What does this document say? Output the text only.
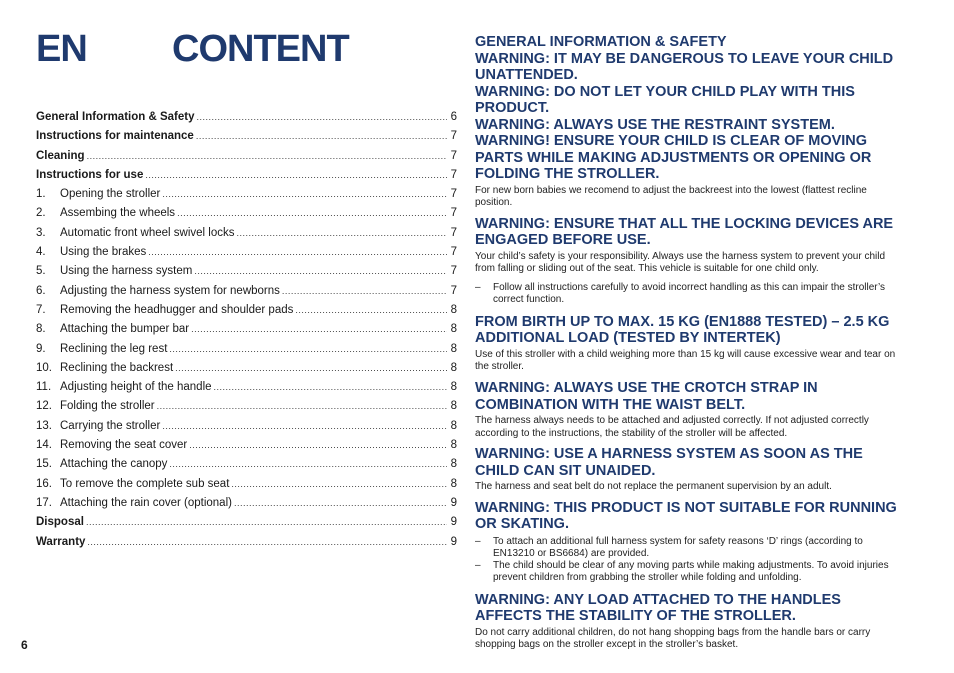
EN CONTENT
General Information & Safety .....	6
Instructions for maintenance .....	7
Cleaning .....	7
Instructions for use .....	7
1.	Opening the stroller .....	7
2.	Assembing the wheels .....	7
3.	Automatic front wheel swivel locks .....	7
4.	Using the brakes .....	7
5.	Using the harness system .....	7
6.	Adjusting the harness system for newborns .....	7
7.	Removing the headhugger and shoulder pads .....	8
8.	Attaching the bumper bar .....	8
9.	Reclining the leg rest .....	8
10. Reclining the backrest .....	8
11. Adjusting height of the handle .....	8
12. Folding the stroller .....	8
13. Carrying the stroller .....	8
14. Removing the seat cover .....	8
15. Attaching the canopy .....	8
16. To remove the complete sub seat .....	8
17. Attaching the rain cover (optional) .....	9
Disposal .....	9
Warranty .....	9
6
GENERAL INFORMATION & SAFETY
WARNING: IT MAY BE DANGEROUS TO LEAVE YOUR CHILD UNATTENDED.
WARNING: DO NOT LET YOUR CHILD PLAY WITH THIS PRODUCT.
WARNING: ALWAYS USE THE RESTRAINT SYSTEM.
WARNING! ENSURE YOUR CHILD IS CLEAR OF MOVING PARTS WHILE MAKING ADJUSTMENTS OR OPENING OR FOLDING THE STROLLER.
For new born babies we recomend to adjust the backreest into the lowest (flattest recline position.
WARNING: ENSURE THAT ALL THE LOCKING DEVICES ARE ENGAGED BEFORE USE.
Your child’s safety is your responsibility. Always use the harness system to prevent your child from falling or sliding out of the seat. This vehicle is suitable for one child only.
– Follow all instructions carefully to avoid incorrect handling as this can impair the stroller’s correct function.
FROM BIRTH UP TO MAX. 15 KG (EN1888 TESTED) – 2.5 KG ADDITIONAL LOAD (TESTED BY INTERTEK)
Use of this stroller with a child weighing more than 15 kg will cause excessive wear and tear on the stroller.
WARNING: ALWAYS USE THE CROTCH STRAP IN COMBINATION WITH THE WAIST BELT.
The harness always needs to be attached and adjusted correctly. If not adjusted correctly according to the instructions, the stability of the stroller will be affected.
WARNING: USE A HARNESS SYSTEM AS SOON AS THE CHILD CAN SIT UNAIDED.
The harness and seat belt do not replace the permanent supervision by an adult.
WARNING: THIS PRODUCT IS NOT SUITABLE FOR RUNNING OR SKATING.
– To attach an additional full harness system for safety reasons ‘D’ rings (according to EN13210 or BS6684) are provided.
– The child should be clear of any moving parts while making adjustments. To avoid injuries prevent children from grabbing the stroller while folding and unfolding.
WARNING: ANY LOAD ATTACHED TO THE HANDLES AFFECTS THE STABILITY OF THE STROLLER.
Do not carry additional children, do not hang shopping bags from the handle bars or carry shopping bags on the stroller except in the stroller’s basket.
